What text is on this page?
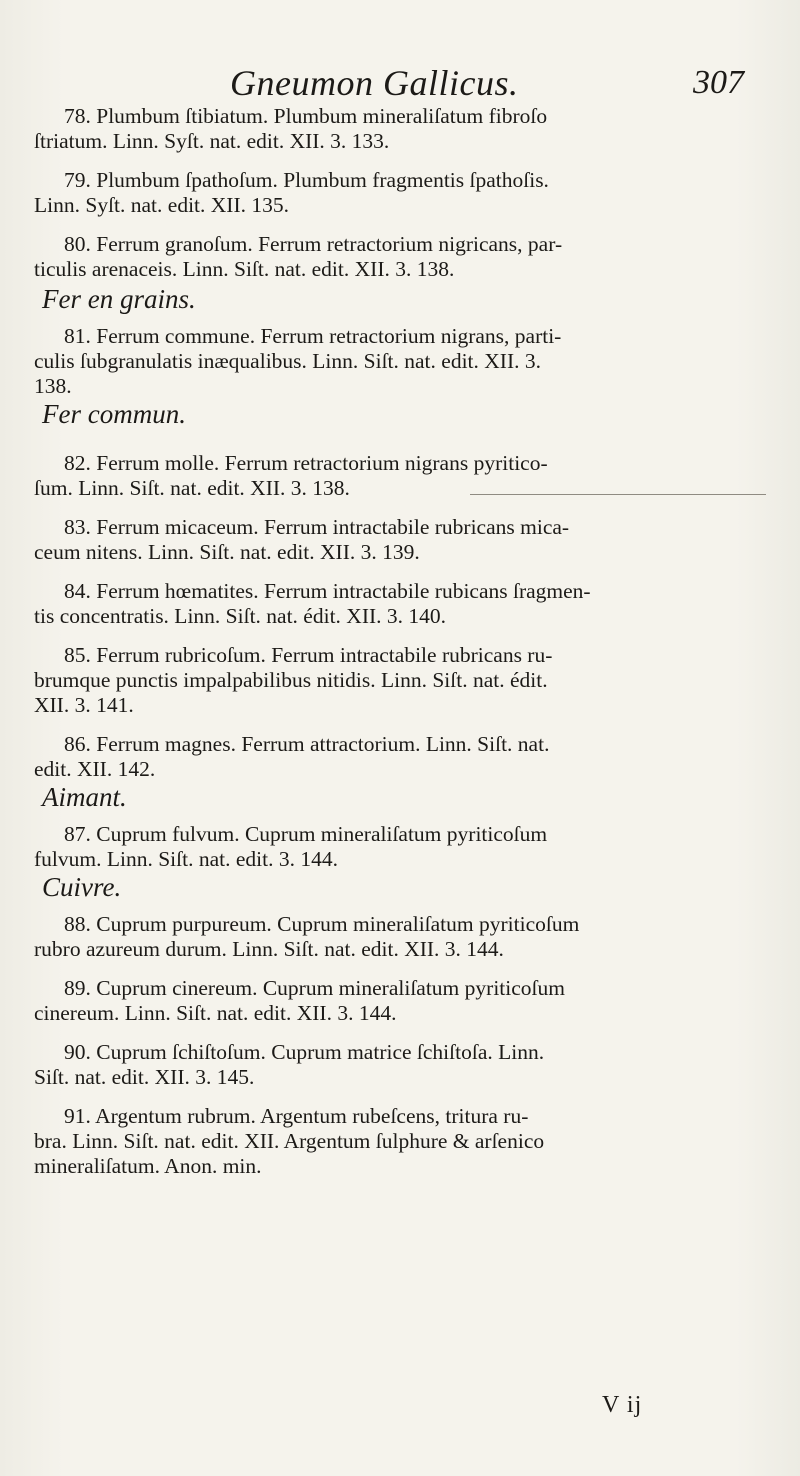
Gneumon Gallicus.	307

78. Plumbum ſtibiatum. Plumbum mineraliſatum fibroſo
ſtriatum. Linn. Syſt. nat. edit. XII. 3. 133.

79. Plumbum ſpathoſum. Plumbum fragmentis ſpathoſis.
Linn. Syſt. nat. edit. XII. 135.

80. Ferrum granoſum. Ferrum retractorium nigricans, par-
ticulis arenaceis. Linn. Siſt. nat. edit. XII. 3. 138.

Fer en grains.

81. Ferrum commune. Ferrum retractorium nigrans, parti-
culis ſubgranulatis inæqualibus. Linn. Siſt. nat. edit. XII. 3.
138.

Fer commun.

82. Ferrum molle. Ferrum retractorium nigrans pyritico-
ſum. Linn. Siſt. nat. edit. XII. 3. 138.

83. Ferrum micaceum. Ferrum intractabile rubricans mica-
ceum nitens. Linn. Siſt. nat. edit. XII. 3. 139.

84. Ferrum hœmatites. Ferrum intractabile rubicans ſragmen-
tis concentratis. Linn. Siſt. nat. édit. XII. 3. 140.

85. Ferrum rubricoſum. Ferrum intractabile rubricans ru-
brumque punctis impalpabilibus nitidis. Linn. Siſt. nat. édit.
XII. 3. 141.

86. Ferrum magnes. Ferrum attractorium. Linn. Siſt. nat.
edit. XII. 142.

Aimant.

87. Cuprum fulvum. Cuprum mineraliſatum pyriticoſum
fulvum. Linn. Siſt. nat. edit. 3. 144.

Cuivre.

88. Cuprum purpureum. Cuprum mineraliſatum pyriticoſum
rubro azureum durum. Linn. Siſt. nat. edit. XII. 3. 144.

89. Cuprum cinereum. Cuprum mineraliſatum pyriticoſum
cinereum. Linn. Siſt. nat. edit. XII. 3. 144.

90. Cuprum ſchiſtoſum. Cuprum matrice ſchiſtoſa. Linn.
Siſt. nat. edit. XII. 3. 145.

91. Argentum rubrum. Argentum rubeſcens, tritura ru-
bra. Linn. Siſt. nat. edit. XII. Argentum ſulphure & arſenico
mineraliſatum. Anon. min.

V ij
